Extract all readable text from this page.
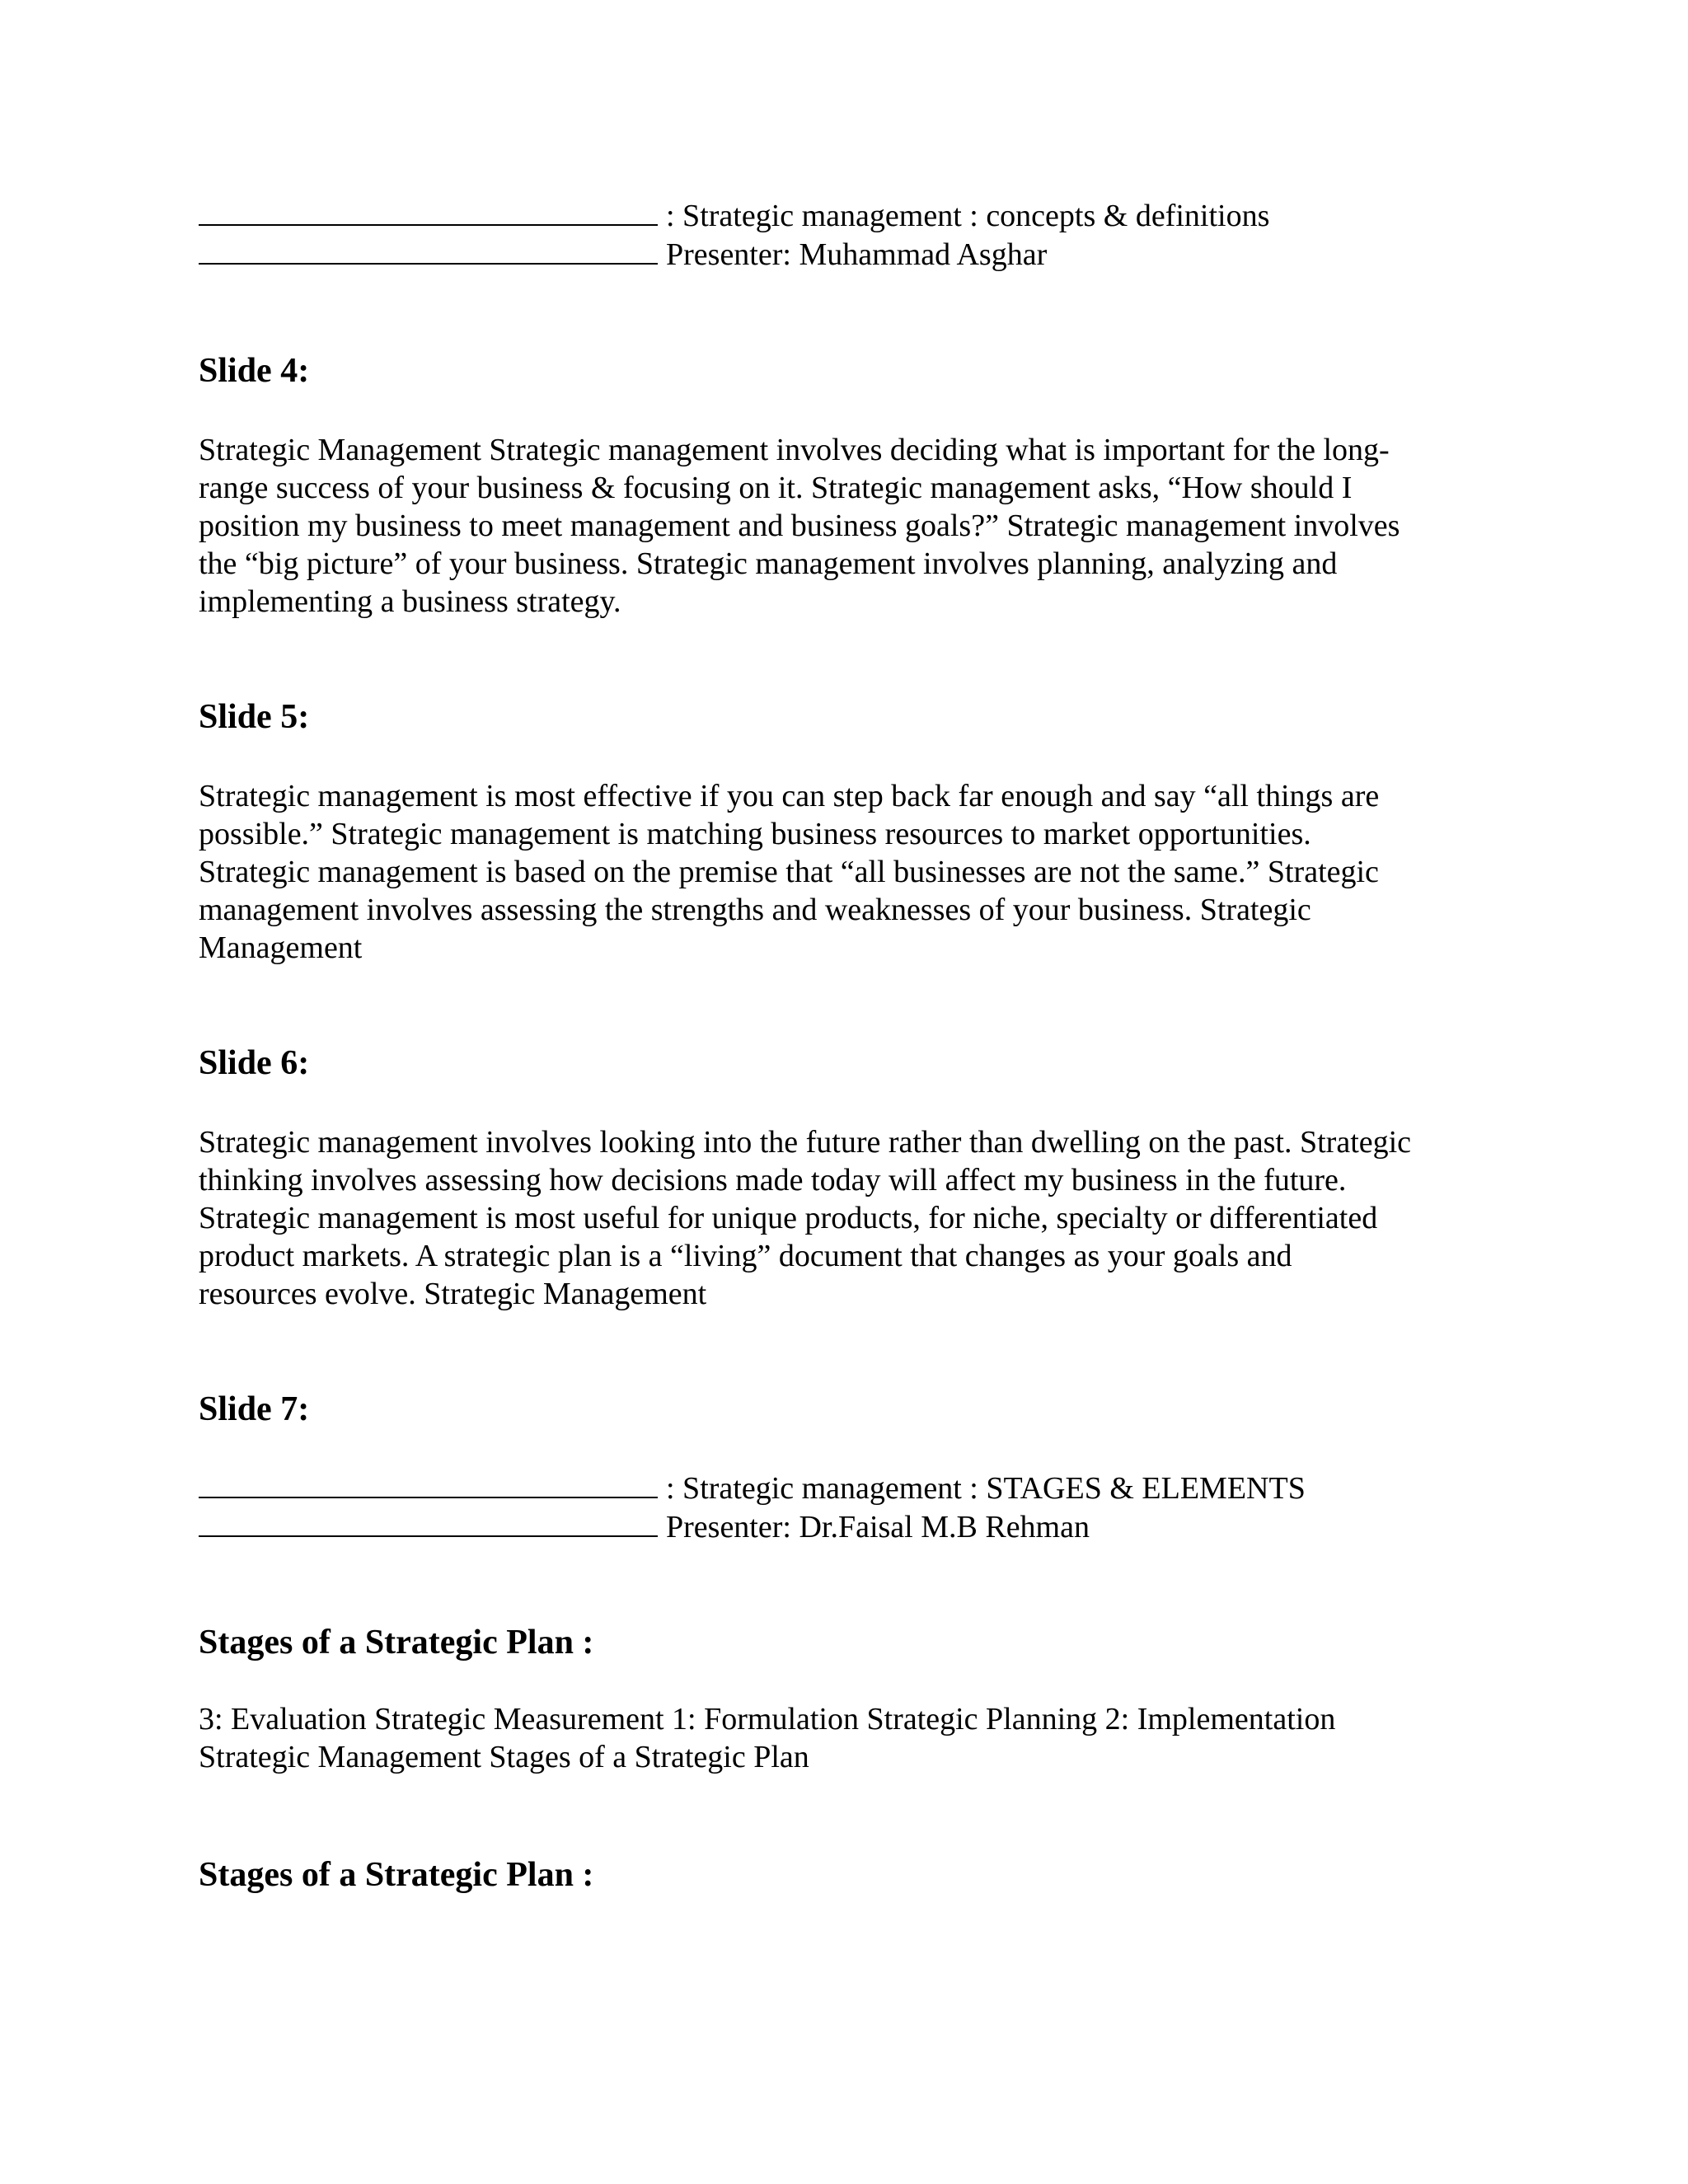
: Strategic management : concepts & definitions
Presenter: Muhammad Asghar
Slide 4:

Strategic Management Strategic management involves deciding what is important for the long-

range success of your business & focusing on it. Strategic management asks, “How should I

position my business to meet management and business goals?” Strategic management involves

the “big picture” of your business. Strategic management involves planning, analyzing and

implementing a business strategy.

Slide 5:

Strategic management is most effective if you can step back far enough and say “all things are

possible.” Strategic management is matching business resources to market opportunities.

Strategic management is based on the premise that “all businesses are not the same.” Strategic

management involves assessing the strengths and weaknesses of your business. Strategic

Management

Slide 6:

Strategic management involves looking into the future rather than dwelling on the past. Strategic

thinking involves assessing how decisions made today will affect my business in the future.

Strategic management is most useful for unique products, for niche, specialty or differentiated

product markets. A strategic plan is a “living” document that changes as your goals and

resources evolve. Strategic Management

Slide 7:
: Strategic management : STAGES & ELEMENTS
Presenter: Dr.Faisal M.B Rehman
Stages of a Strategic Plan :

3: Evaluation Strategic Measurement 1: Formulation Strategic Planning 2: Implementation

Strategic Management Stages of a Strategic Plan

Stages of a Strategic Plan :
